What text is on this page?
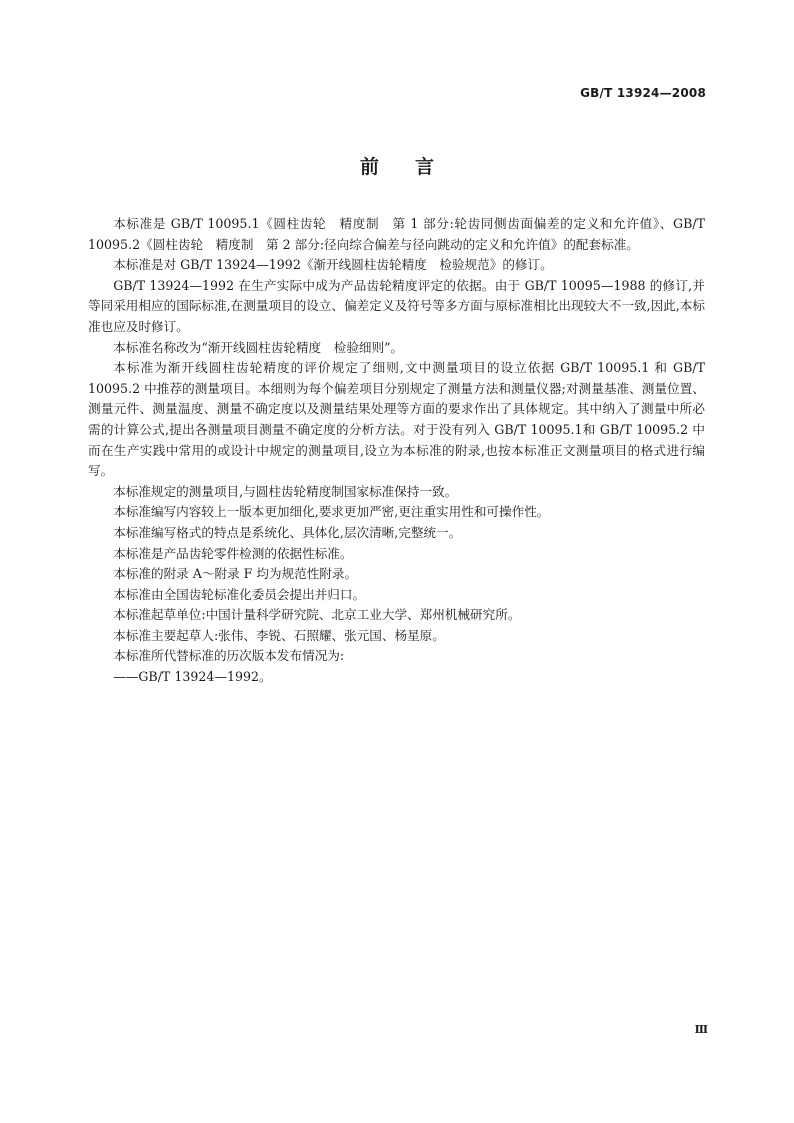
GB/T 13924—2008
前言

本标准是 GB/T 10095.1《圆柱齿轮　精度制　第 1 部分:轮齿同侧齿面偏差的定义和允许值》、GB/T 10095.2《圆柱齿轮　精度制　第 2 部分:径向综合偏差与径向跳动的定义和允许值》的配套标准。

本标准是对 GB/T 13924—1992《渐开线圆柱齿轮精度　检验规范》的修订。

GB/T 13924—1992 在生产实际中成为产品齿轮精度评定的依据。由于 GB/T 10095—1988 的修订,并等同采用相应的国际标准,在测量项目的设立、偏差定义及符号等多方面与原标准相比出现较大不一致,因此,本标准也应及时修订。

本标准名称改为“渐开线圆柱齿轮精度　检验细则”。

本标准为渐开线圆柱齿轮精度的评价规定了细则,文中测量项目的设立依据 GB/T 10095.1 和 GB/T 10095.2 中推荐的测量项目。本细则为每个偏差项目分别规定了测量方法和测量仪器;对测量基准、测量位置、测量元件、测量温度、测量不确定度以及测量结果处理等方面的要求作出了具体规定。其中纳入了测量中所必需的计算公式,提出各测量项目测量不确定度的分析方法。对于没有列入 GB/T 10095.1和 GB/T 10095.2 中而在生产实践中常用的或设计中规定的测量项目,设立为本标准的附录,也按本标准正文测量项目的格式进行编写。

本标准规定的测量项目,与圆柱齿轮精度制国家标准保持一致。

本标准编写内容较上一版本更加细化,要求更加严密,更注重实用性和可操作性。

本标准编写格式的特点是系统化、具体化,层次清晰,完整统一。

本标准是产品齿轮零件检测的依据性标准。

本标准的附录 A～附录 F 均为规范性附录。

本标准由全国齿轮标准化委员会提出并归口。

本标准起草单位:中国计量科学研究院、北京工业大学、郑州机械研究所。

本标准主要起草人:张伟、李锐、石照耀、张元国、杨星原。

本标准所代替标准的历次版本发布情况为:

——GB/T 13924—1992。

Ⅲ
